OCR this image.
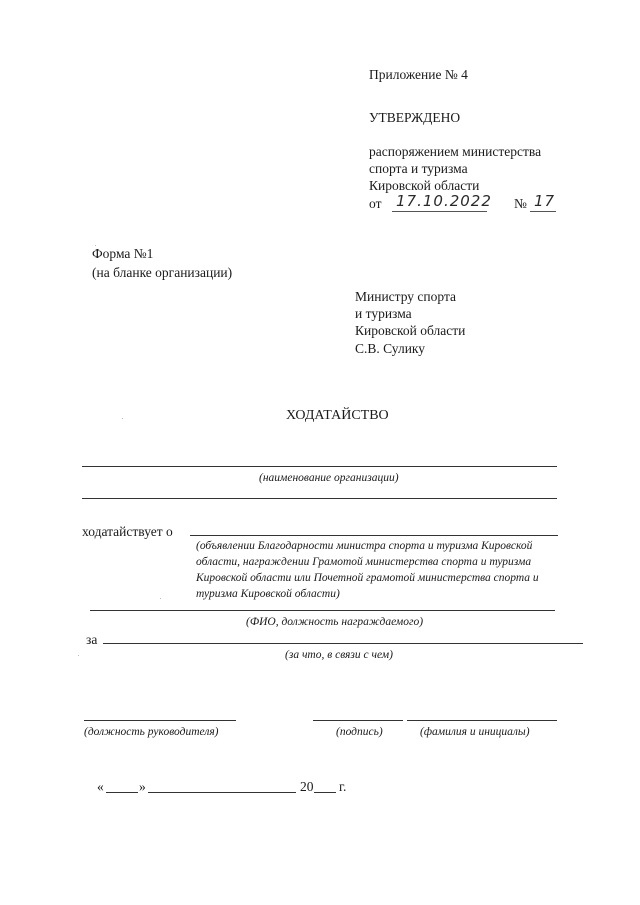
Приложение № 4
УТВЕРЖДЕНО
распоряжением министерства
спорта и туризма
Кировской области
от 17.10.2022 № 17
Форма №1
(на бланке организации)
Министру спорта
и туризма
Кировской области
С.В. Сулику
ХОДАТАЙСТВО
(наименование организации)
ходатайствует о
(объявлении Благодарности министра спорта и туризма Кировской
области, награждении Грамотой министерства спорта и туризма
Кировской области или Почетной грамотой министерства спорта и
туризма Кировской области)
(ФИО, должность награждаемого)
за
(за что, в связи с чем)
(должность руководителя)	(подпись)	(фамилия и инициалы)
«	»	20 г.
